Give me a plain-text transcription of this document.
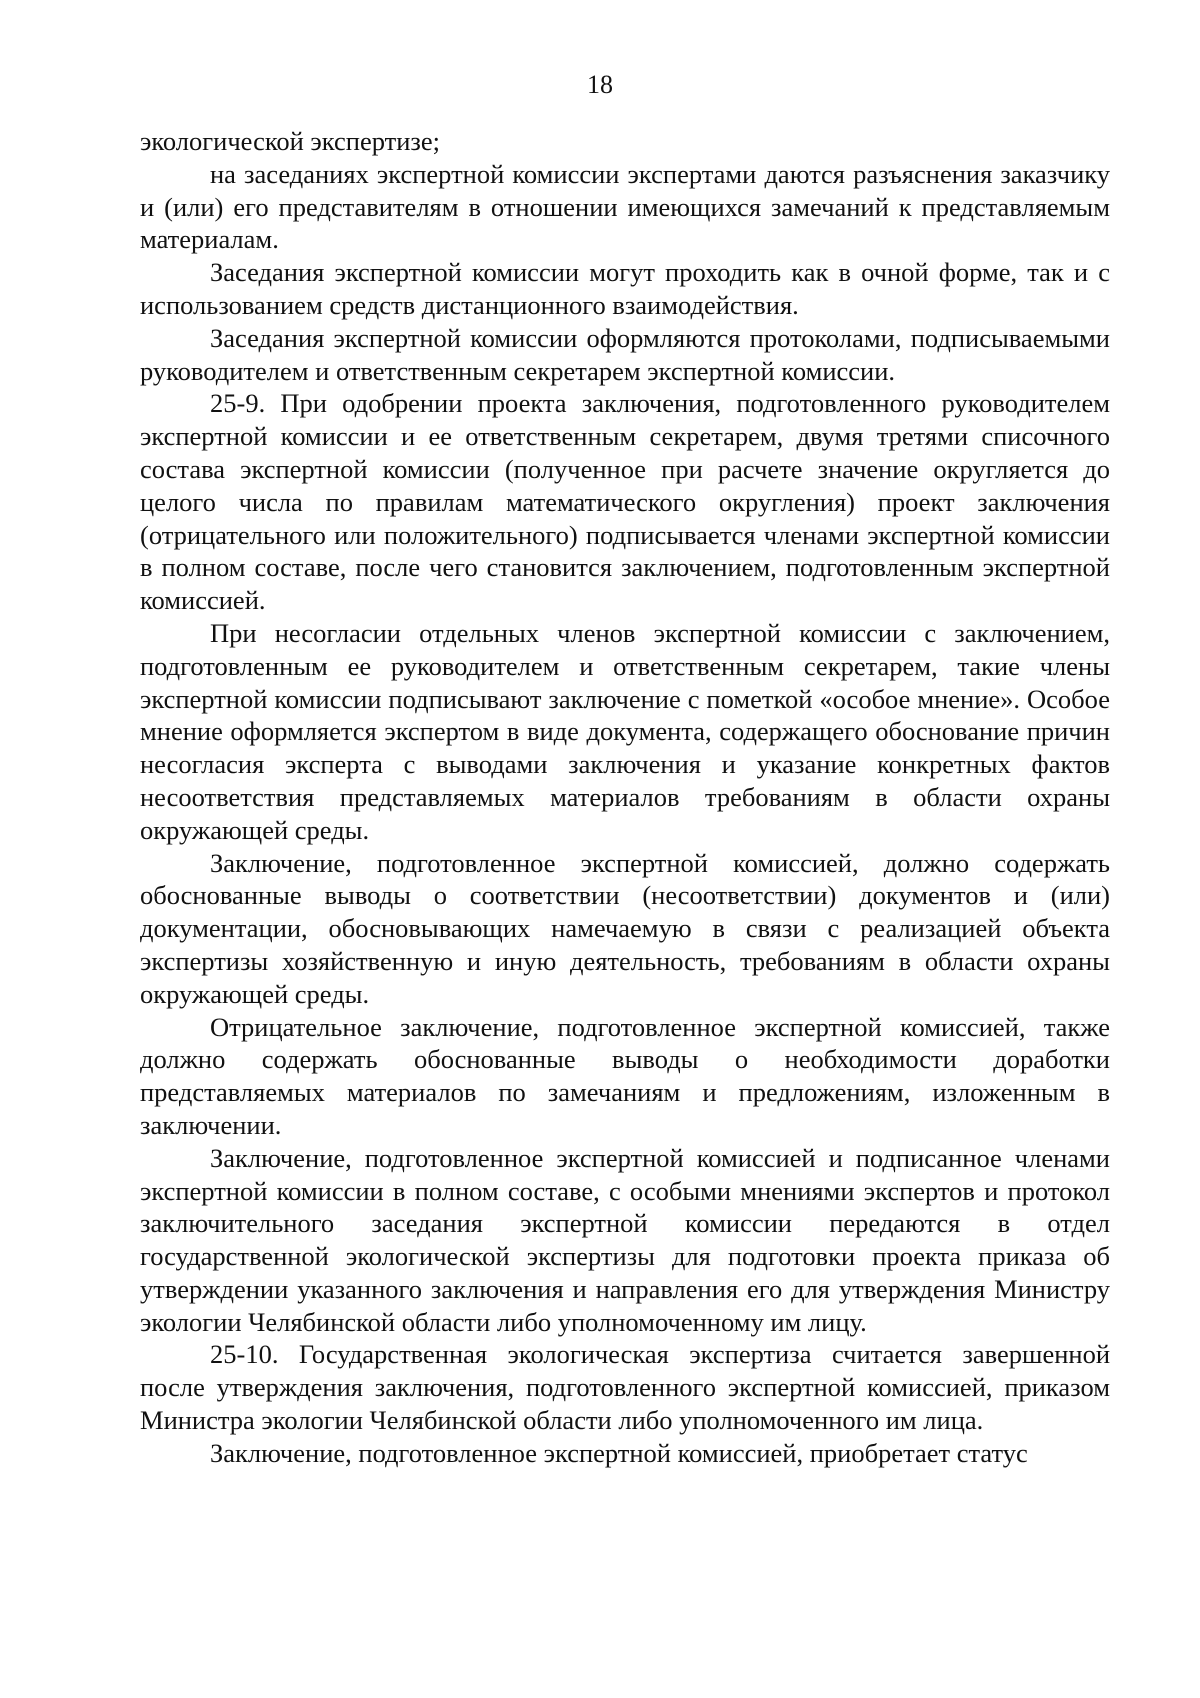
18

экологической экспертизе;

на заседаниях экспертной комиссии экспертами даются разъяснения заказчику и (или) его представителям в отношении имеющихся замечаний к представляемым материалам.

Заседания экспертной комиссии могут проходить как в очной форме, так и с использованием средств дистанционного взаимодействия.

Заседания экспертной комиссии оформляются протоколами, подписываемыми руководителем и ответственным секретарем экспертной комиссии.

25-9. При одобрении проекта заключения, подготовленного руководителем экспертной комиссии и ее ответственным секретарем, двумя третями списочного состава экспертной комиссии (полученное при расчете значение округляется до целого числа по правилам математического округления) проект заключения (отрицательного или положительного) подписывается членами экспертной комиссии в полном составе, после чего становится заключением, подготовленным экспертной комиссией.

При несогласии отдельных членов экспертной комиссии с заключением, подготовленным ее руководителем и ответственным секретарем, такие члены экспертной комиссии подписывают заключение с пометкой «особое мнение». Особое мнение оформляется экспертом в виде документа, содержащего обоснование причин несогласия эксперта с выводами заключения и указание конкретных фактов несоответствия представляемых материалов требованиям в области охраны окружающей среды.

Заключение, подготовленное экспертной комиссией, должно содержать обоснованные выводы о соответствии (несоответствии) документов и (или) документации, обосновывающих намечаемую в связи с реализацией объекта экспертизы хозяйственную и иную деятельность, требованиям в области охраны окружающей среды.

Отрицательное заключение, подготовленное экспертной комиссией, также должно содержать обоснованные выводы о необходимости доработки представляемых материалов по замечаниям и предложениям, изложенным в заключении.

Заключение, подготовленное экспертной комиссией и подписанное членами экспертной комиссии в полном составе, с особыми мнениями экспертов и протокол заключительного заседания экспертной комиссии передаются в отдел государственной экологической экспертизы для подготовки проекта приказа об утверждении указанного заключения и направления его для утверждения Министру экологии Челябинской области либо уполномоченному им лицу.

25-10. Государственная экологическая экспертиза считается завершенной после утверждения заключения, подготовленного экспертной комиссией, приказом Министра экологии Челябинской области либо уполномоченного им лица.

Заключение, подготовленное экспертной комиссией, приобретает статус
